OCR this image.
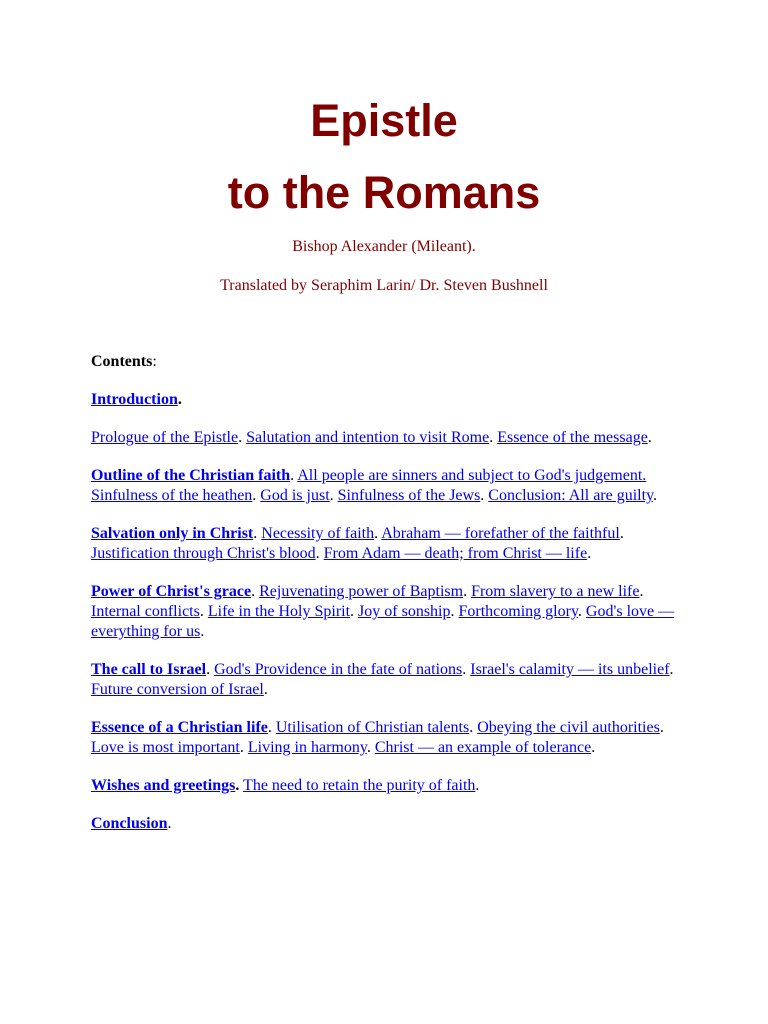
Epistle
to the Romans

Bishop Alexander (Mileant).

Translated by Seraphim Larin/ Dr. Steven Bushnell

Contents:

Introduction.

Prologue of the Epistle. Salutation and intention to visit Rome. Essence of the message.

Outline of the Christian faith. All people are sinners and subject to God's judgement. Sinfulness of the heathen. God is just. Sinfulness of the Jews. Conclusion: All are guilty.

Salvation only in Christ. Necessity of faith. Abraham — forefather of the faithful. Justification through Christ's blood. From Adam — death; from Christ — life.

Power of Christ's grace. Rejuvenating power of Baptism. From slavery to a new life. Internal conflicts. Life in the Holy Spirit. Joy of sonship. Forthcoming glory. God's love — everything for us.

The call to Israel. God's Providence in the fate of nations. Israel's calamity — its unbelief. Future conversion of Israel.

Essence of a Christian life. Utilisation of Christian talents. Obeying the civil authorities. Love is most important. Living in harmony. Christ — an example of tolerance.

Wishes and greetings. The need to retain the purity of faith.

Conclusion.
